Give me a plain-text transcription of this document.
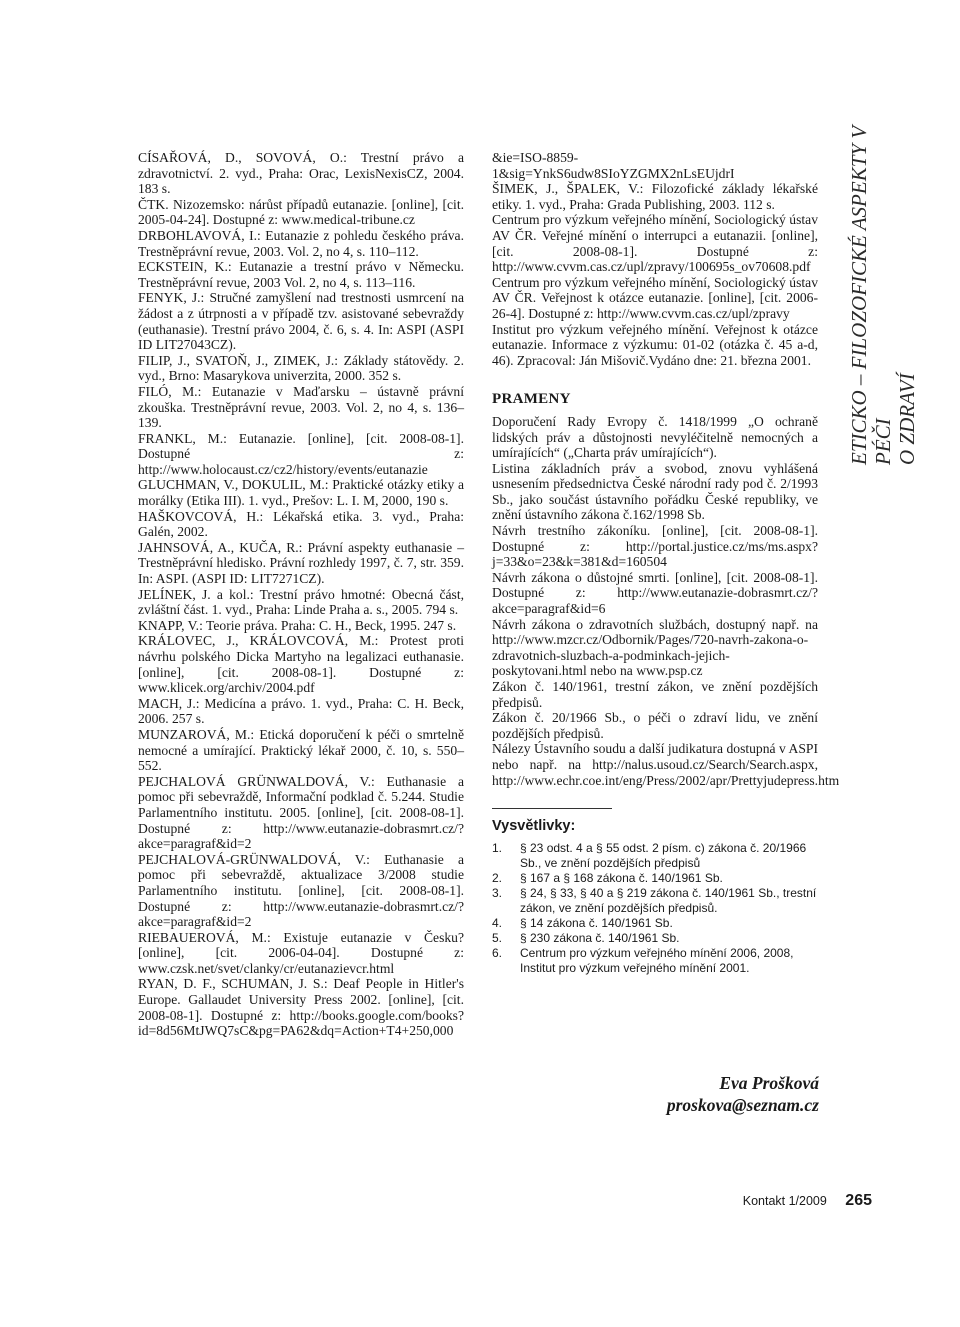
ETICKO – FILOZOFICKÉ ASPEKTY V PÉČI O ZDRAVÍ

CÍSAŘOVÁ, D., SOVOVÁ, O.: Trestní právo a zdravotnictví. 2. vyd., Praha: Orac, LexisNexisCZ, 2004. 183 s.

ČTK. Nizozemsko: nárůst případů eutanazie. [online], [cit. 2005-04-24]. Dostupné z: www.medical-tribune.cz

DRBOHLAVOVÁ, I.: Eutanazie z pohledu českého práva. Trestněprávní revue, 2003. Vol. 2, no 4, s. 110–112.

ECKSTEIN, K.: Eutanazie a trestní právo v Německu. Trestněprávní revue, 2003 Vol. 2, no 4, s. 113–116.

FENYK, J.: Stručné zamyšlení nad trestnosti usmrcení na žádost a z útrpnosti a v případě tzv. asistované sebevraždy (euthanasie). Trestní právo 2004, č. 6, s. 4. In: ASPI (ASPI ID LIT27043CZ).

FILIP, J., SVATOŇ, J., ZIMEK, J.: Základy státovědy. 2. vyd., Brno: Masarykova univerzita, 2000. 352 s.

FILÓ, M.: Eutanazie v Maďarsku – ústavně právní zkouška. Trestněprávní revue, 2003. Vol. 2, no 4, s. 136–139.

FRANKL, M.: Eutanazie. [online], [cit. 2008-08-1]. Dostupné z: http://www.holocaust.cz/cz2/history/events/eutanazie

GLUCHMAN, V., DOKULIL, M.: Praktické otázky etiky a morálky (Etika III). 1. vyd., Prešov: L. I. M, 2000, 190 s.

HAŠKOVCOVÁ, H.: Lékařská etika. 3. vyd., Praha: Galén, 2002.

JAHNSOVÁ, A., KUČA, R.: Právní aspekty euthanasie – Trestněprávní hledisko. Právní rozhledy 1997, č. 7, str. 359. In: ASPI. (ASPI ID: LIT7271CZ).

JELÍNEK, J. a kol.: Trestní právo hmotné: Obecná část, zvláštní část. 1. vyd., Praha: Linde Praha a. s., 2005. 794 s.

KNAPP, V.: Teorie práva. Praha: C. H., Beck, 1995. 247 s.

KRÁLOVEC, J., KRÁLOVCOVÁ, M.: Protest proti návrhu polského Dicka Martyho na legalizaci euthanasie. [online], [cit. 2008-08-1]. Dostupné z: www.klicek.org/archiv/2004.pdf

MACH, J.: Medicína a právo. 1. vyd., Praha: C. H. Beck, 2006. 257 s.

MUNZAROVÁ, M.: Etická doporučení k péči o smrtelně nemocné a umírající. Praktický lékař 2000, č. 10, s. 550–552.

PEJCHALOVÁ GRÜNWALDOVÁ, V.: Euthanasie a pomoc při sebevraždě, Informační podklad č. 5.244. Studie Parlamentního institutu. 2005. [online], [cit. 2008-08-1]. Dostupné z: http://www.eutanazie-dobrasmrt.cz/?akce=paragraf&id=2

PEJCHALOVÁ-GRÜNWALDOVÁ, V.: Euthanasie a pomoc při sebevraždě, aktualizace 3/2008 studie Parlamentního institutu. [online], [cit. 2008-08-1]. Dostupné z: http://www.eutanazie-dobrasmrt.cz/?akce=paragraf&id=2

RIEBAUEROVÁ, M.: Existuje eutanazie v Česku? [online], [cit. 2006-04-04]. Dostupné z: www.czsk.net/svet/clanky/cr/eutanazievcr.html

RYAN, D. F., SCHUMAN, J. S.: Deaf People in Hitler's Europe. Gallaudet University Press 2002. [online], [cit. 2008-08-1]. Dostupné z: http://books.google.com/books?id=8d56MtJWQ7sC&pg=PA62&dq=Action+T4+250,000

&ie=ISO-8859-1&sig=YnkS6udw8SIoYZGMX2nLsEUjdrI

ŠIMEK, J., ŠPALEK, V.: Filozofické základy lékařské etiky. 1. vyd., Praha: Grada Publishing, 2003. 112 s.

Centrum pro výzkum veřejného mínění, Sociologický ústav AV ČR. Veřejné mínění o interrupci a eutanazii. [online], [cit. 2008-08-1]. Dostupné z: http://www.cvvm.cas.cz/upl/zpravy/100695s_ov70608.pdf

Centrum pro výzkum veřejného mínění, Sociologický ústav AV ČR. Veřejnost k otázce eutanazie. [online], [cit. 2006-26-4]. Dostupné z: http://www.cvvm.cas.cz/upl/zpravy

Institut pro výzkum veřejného mínění. Veřejnost k otázce eutanazie. Informace z výzkumu: 01-02 (otázka č. 45 a-d, 46). Zpracoval: Ján Mišovič.Vydáno dne: 21. března 2001.

PRAMENY

Doporučení Rady Evropy č. 1418/1999 „O ochraně lidských práv a důstojnosti nevyléčitelně nemocných a umírajících“ („Charta práv umírajících“).

Listina základních práv a svobod, znovu vyhlášená usnesením předsednictva České národní rady pod č. 2/1993 Sb., jako součást ústavního pořádku České republiky, ve znění ústavního zákona č.162/1998 Sb.

Návrh trestního zákoníku. [online], [cit. 2008-08-1]. Dostupné z: http://portal.justice.cz/ms/ms.aspx?j=33&o=23&k=381&d=160504

Návrh zákona o důstojné smrti. [online], [cit. 2008-08-1]. Dostupné z: http://www.eutanazie-dobrasmrt.cz/?akce=paragraf&id=6

Návrh zákona o zdravotních službách, dostupný např. na http://www.mzcr.cz/Odbornik/Pages/720-navrh-zakona-o-zdravotnich-sluzbach-a-podminkach-jejich-poskytovani.html nebo na www.psp.cz

Zákon č. 140/1961, trestní zákon, ve znění pozdějších předpisů.

Zákon č. 20/1966 Sb., o péči o zdraví lidu, ve znění pozdějších předpisů.

Nálezy Ústavního soudu a další judikatura dostupná v ASPI nebo např. na http://nalus.usoud.cz/Search/Search.aspx, http://www.echr.coe.int/eng/Press/2002/apr/Prettyjudepress.htm

Vysvětlivky:
1.	§ 23 odst. 4 a § 55 odst. 2 písm. c) zákona č. 20/1966 Sb., ve znění pozdějších předpisů
2.	§ 167 a § 168 zákona č. 140/1961 Sb.
3.	§ 24, § 33, § 40 a § 219 zákona č. 140/1961 Sb., trestní zákon, ve znění pozdějších předpisů.
4.	§ 14 zákona č. 140/1961 Sb.
5.	§ 230 zákona č. 140/1961 Sb.
6.	Centrum pro výzkum veřejného mínění 2006, 2008, Institut pro výzkum veřejného mínění 2001.
Eva Prošková
proskova@seznam.cz
Kontakt 1/2009 265
